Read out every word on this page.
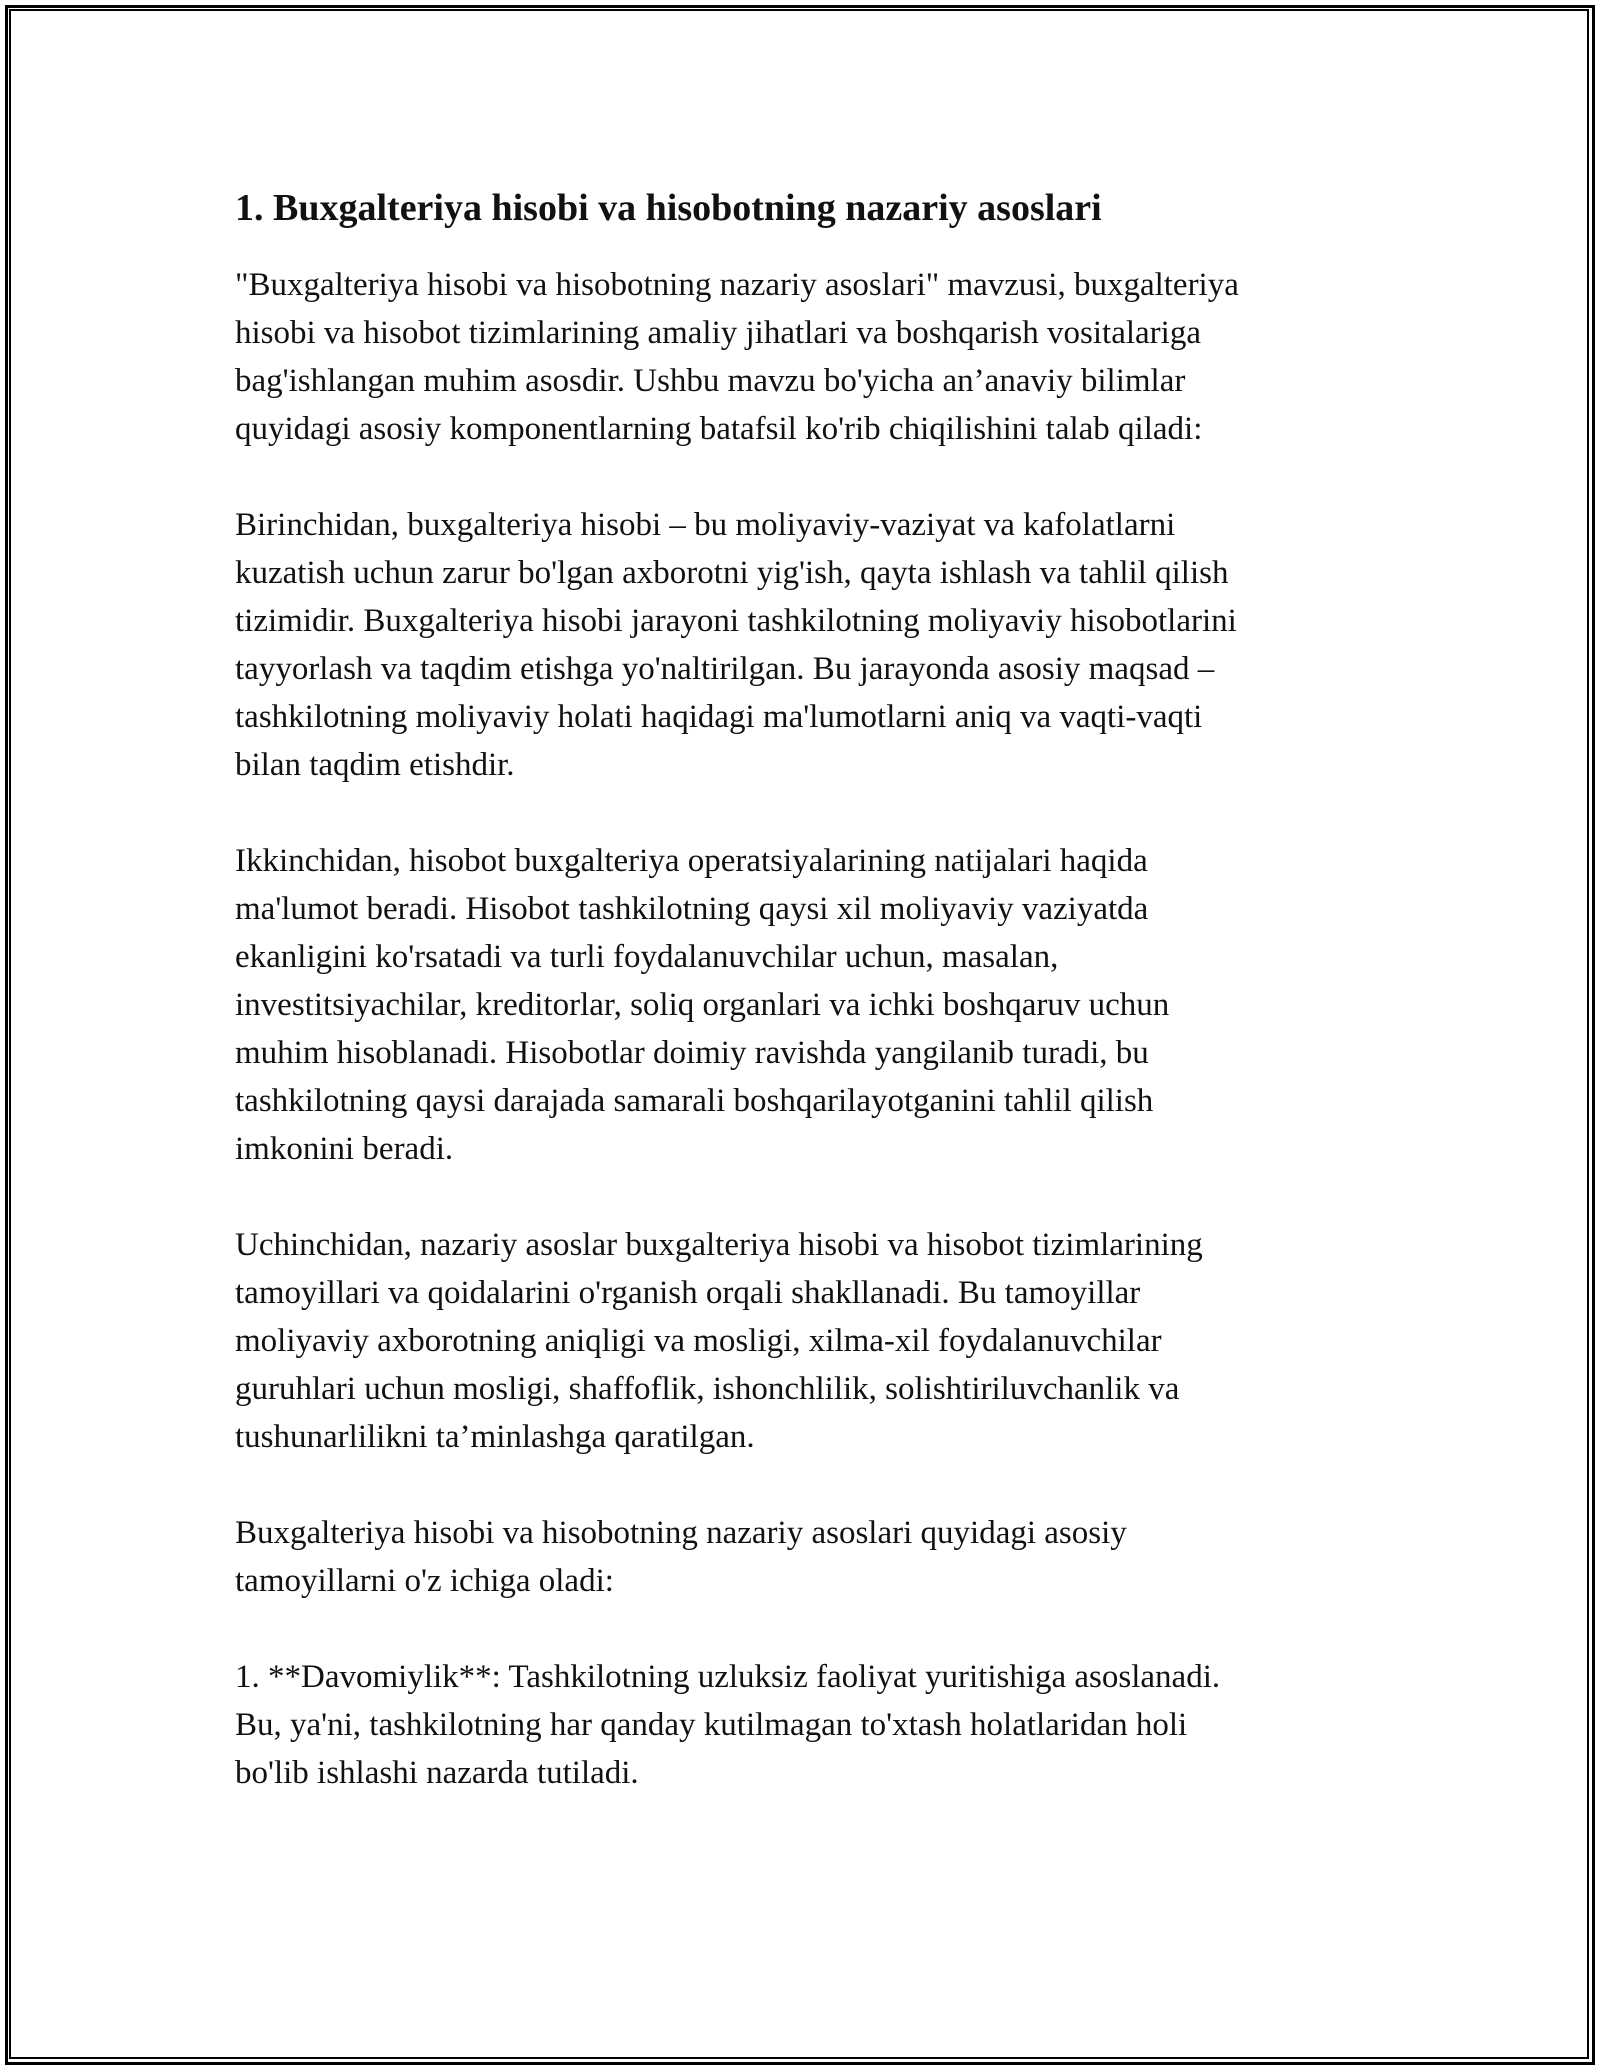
1. Buxgalteriya hisobi va hisobotning nazariy asoslari

"Buxgalteriya hisobi va hisobotning nazariy asoslari" mavzusi, buxgalteriya
hisobi va hisobot tizimlarining amaliy jihatlari va boshqarish vositalariga
bag'ishlangan muhim asosdir. Ushbu mavzu bo'yicha an’anaviy bilimlar
quyidagi asosiy komponentlarning batafsil ko'rib chiqilishini talab qiladi:

Birinchidan, buxgalteriya hisobi – bu moliyaviy-vaziyat va kafolatlarni
kuzatish uchun zarur bo'lgan axborotni yig'ish, qayta ishlash va tahlil qilish
tizimidir. Buxgalteriya hisobi jarayoni tashkilotning moliyaviy hisobotlarini
tayyorlash va taqdim etishga yo'naltirilgan. Bu jarayonda asosiy maqsad –
tashkilotning moliyaviy holati haqidagi ma'lumotlarni aniq va vaqti-vaqti
bilan taqdim etishdir.

Ikkinchidan, hisobot buxgalteriya operatsiyalarining natijalari haqida
ma'lumot beradi. Hisobot tashkilotning qaysi xil moliyaviy vaziyatda
ekanligini ko'rsatadi va turli foydalanuvchilar uchun, masalan,
investitsiyachilar, kreditorlar, soliq organlari va ichki boshqaruv uchun
muhim hisoblanadi. Hisobotlar doimiy ravishda yangilanib turadi, bu
tashkilotning qaysi darajada samarali boshqarilayotganini tahlil qilish
imkonini beradi.

Uchinchidan, nazariy asoslar buxgalteriya hisobi va hisobot tizimlarining
tamoyillari va qoidalarini o'rganish orqali shakllanadi. Bu tamoyillar
moliyaviy axborotning aniqligi va mosligi, xilma-xil foydalanuvchilar
guruhlari uchun mosligi, shaffoflik, ishonchlilik, solishtiriluvchanlik va
tushunarlilikni ta’minlashga qaratilgan.

Buxgalteriya hisobi va hisobotning nazariy asoslari quyidagi asosiy
tamoyillarni o'z ichiga oladi:

1. **Davomiylik**: Tashkilotning uzluksiz faoliyat yuritishiga asoslanadi.
Bu, ya'ni, tashkilotning har qanday kutilmagan to'xtash holatlaridan holi
bo'lib ishlashi nazarda tutiladi.
